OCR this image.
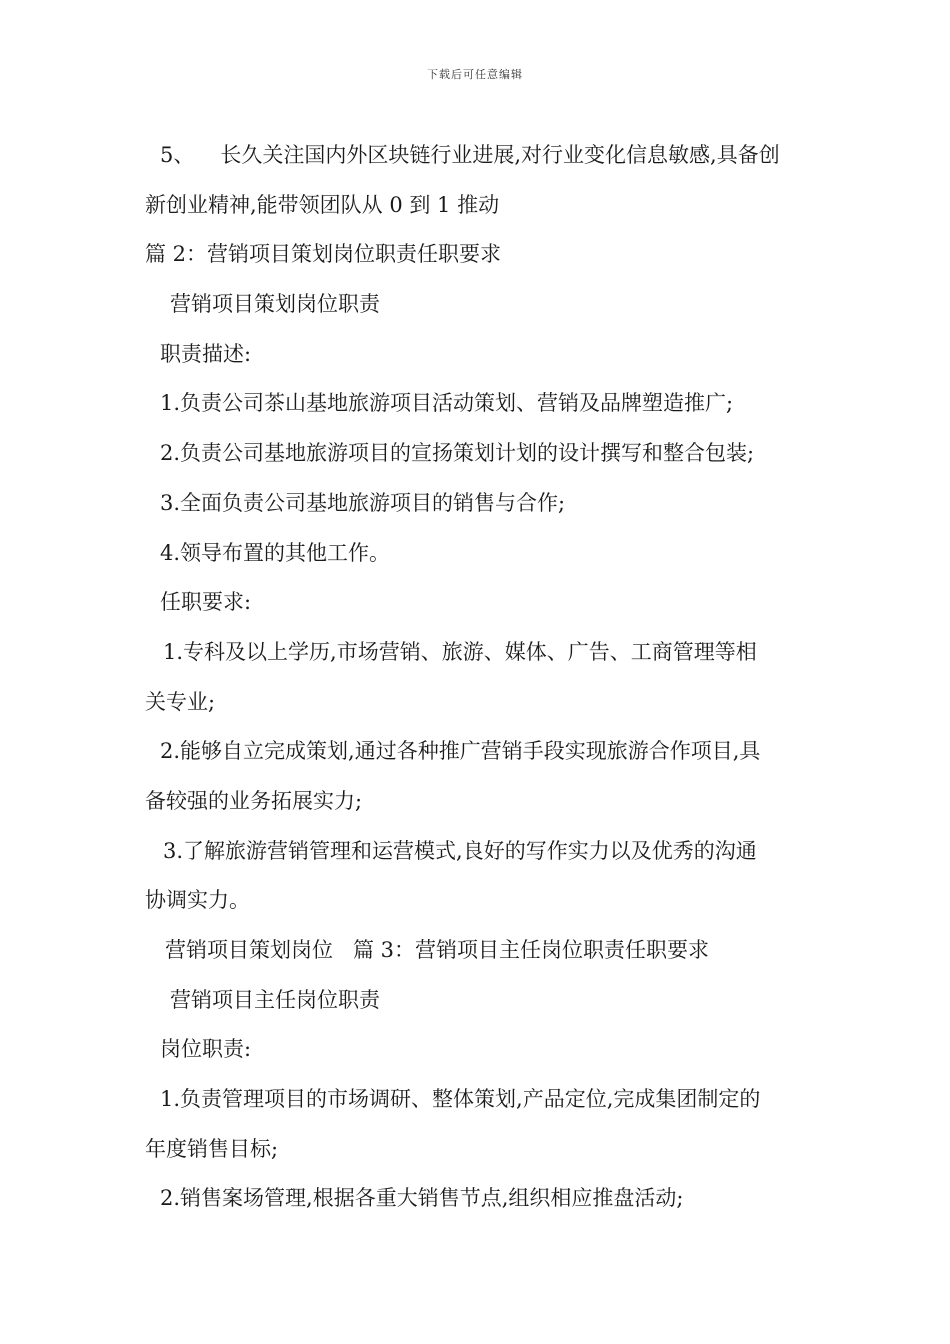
下载后可任意编辑
5、 长久关注国内外区块链行业进展,对行业变化信息敏感,具备创
新创业精神,能带领团队从 0 到 1 推动
篇 2：营销项目策划岗位职责任职要求
营销项目策划岗位职责
职责描述:
1.负责公司茶山基地旅游项目活动策划、营销及品牌塑造推广;
2.负责公司基地旅游项目的宣扬策划计划的设计撰写和整合包装;
3.全面负责公司基地旅游项目的销售与合作;
4.领导布置的其他工作。
任职要求:
1.专科及以上学历,市场营销、旅游、媒体、广告、工商管理等相
关专业;
2.能够自立完成策划,通过各种推广营销手段实现旅游合作项目,具
备较强的业务拓展实力;
3.了解旅游营销管理和运营模式,良好的写作实力以及优秀的沟通
协调实力。
营销项目策划岗位 篇 3：营销项目主任岗位职责任职要求
营销项目主任岗位职责
岗位职责:
1.负责管理项目的市场调研、整体策划,产品定位,完成集团制定的
年度销售目标;
2.销售案场管理,根据各重大销售节点,组织相应推盘活动;
